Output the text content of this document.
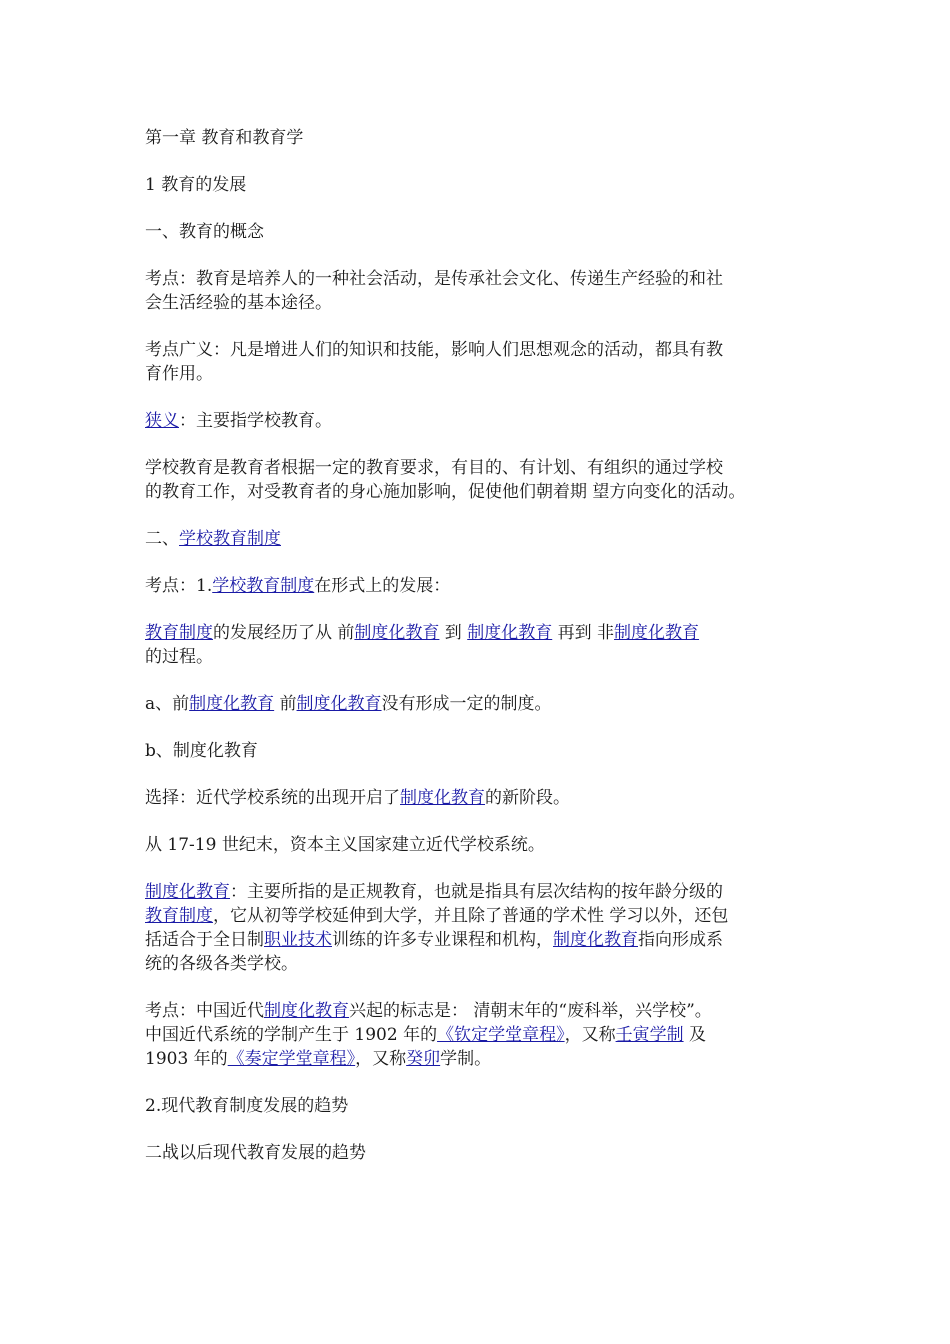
第一章 教育和教育学

1 教育的发展

一、教育的概念

考点：教育是培养人的一种社会活动，是传承社会文化、传递生产经验的和社
会生活经验的基本途径。

考点广义：凡是增进人们的知识和技能，影响人们思想观念的活动，都具有教
育作用。

狭义：主要指学校教育。

学校教育是教育者根据一定的教育要求，有目的、有计划、有组织的通过学校
的教育工作，对受教育者的身心施加影响，促使他们朝着期 望方向变化的活动。

二、学校教育制度

考点：1.学校教育制度在形式上的发展：

教育制度的发展经历了从 前制度化教育 到 制度化教育 再到 非制度化教育
的过程。

a、前制度化教育 前制度化教育没有形成一定的制度。

b、制度化教育

选择：近代学校系统的出现开启了制度化教育的新阶段。

从 17-19 世纪末，资本主义国家建立近代学校系统。

制度化教育：主要所指的是正规教育，也就是指具有层次结构的按年龄分级的
教育制度，它从初等学校延伸到大学，并且除了普通的学术性 学习以外，还包
括适合于全日制职业技术训练的许多专业课程和机构，制度化教育指向形成系
统的各级各类学校。

考点：中国近代制度化教育兴起的标志是： 清朝末年的“废科举，兴学校”。
中国近代系统的学制产生于 1902 年的《钦定学堂章程》，又称壬寅学制 及
1903 年的《奏定学堂章程》，又称癸卯学制。

2.现代教育制度发展的趋势

二战以后现代教育发展的趋势
